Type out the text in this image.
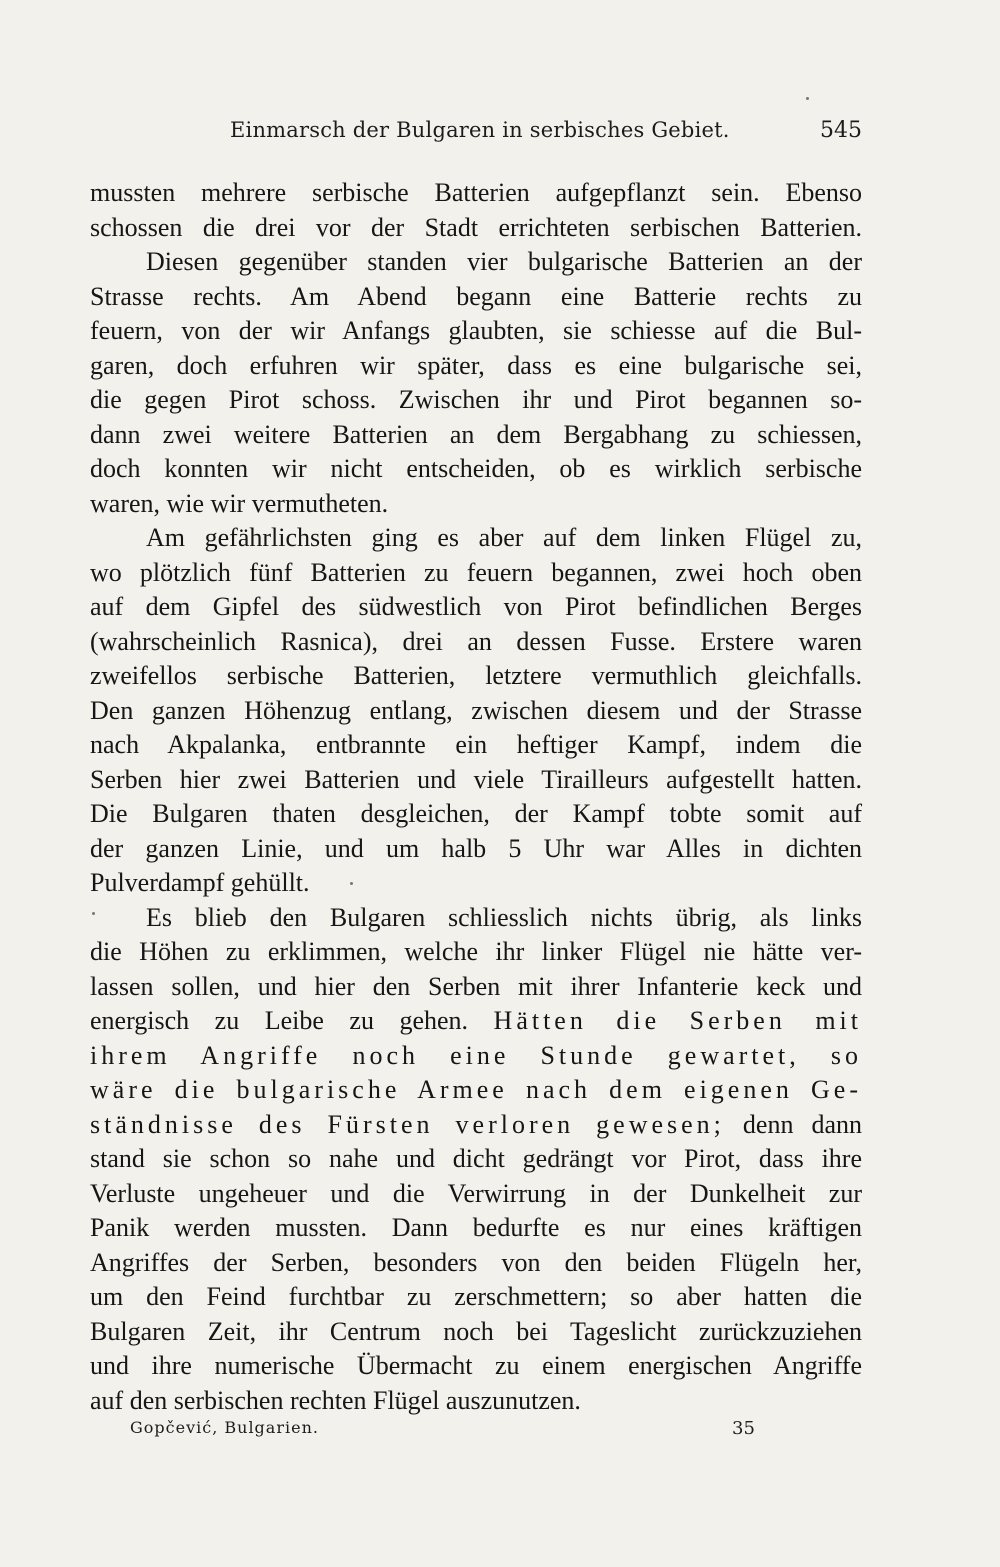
Einmarsch der Bulgaren in serbisches Gebiet.	545
mussten mehrere serbische Batterien aufgepflanzt sein. Ebenso
schossen die drei vor der Stadt errichteten serbischen Batterien.
Diesen gegenüber standen vier bulgarische Batterien an der
Strasse rechts. Am Abend begann eine Batterie rechts zu
feuern, von der wir Anfangs glaubten, sie schiesse auf die Bul-
garen, doch erfuhren wir später, dass es eine bulgarische sei,
die gegen Pirot schoss. Zwischen ihr und Pirot begannen so-
dann zwei weitere Batterien an dem Bergabhang zu schiessen,
doch konnten wir nicht entscheiden, ob es wirklich serbische
waren, wie wir vermutheten.
Am gefährlichsten ging es aber auf dem linken Flügel zu,
wo plötzlich fünf Batterien zu feuern begannen, zwei hoch oben
auf dem Gipfel des südwestlich von Pirot befindlichen Berges
(wahrscheinlich Rasnica), drei an dessen Fusse. Erstere waren
zweifellos serbische Batterien, letztere vermuthlich gleichfalls.
Den ganzen Höhenzug entlang, zwischen diesem und der Strasse
nach Akpalanka, entbrannte ein heftiger Kampf, indem die
Serben hier zwei Batterien und viele Tirailleurs aufgestellt hatten.
Die Bulgaren thaten desgleichen, der Kampf tobte somit auf
der ganzen Linie, und um halb 5 Uhr war Alles in dichten
Pulverdampf gehüllt.
Es blieb den Bulgaren schliesslich nichts übrig, als links
die Höhen zu erklimmen, welche ihr linker Flügel nie hätte ver-
lassen sollen, und hier den Serben mit ihrer Infanterie keck und
energisch zu Leibe zu gehen. Hätten die Serben mit
ihrem Angriffe noch eine Stunde gewartet, so
wäre die bulgarische Armee nach dem eigenen Ge-
ständnisse des Fürsten verloren gewesen; denn dann
stand sie schon so nahe und dicht gedrängt vor Pirot, dass ihre
Verluste ungeheuer und die Verwirrung in der Dunkelheit zur
Panik werden mussten. Dann bedurfte es nur eines kräftigen
Angriffes der Serben, besonders von den beiden Flügeln her,
um den Feind furchtbar zu zerschmettern; so aber hatten die
Bulgaren Zeit, ihr Centrum noch bei Tageslicht zurückzuziehen
und ihre numerische Übermacht zu einem energischen Angriffe
auf den serbischen rechten Flügel auszunutzen.
Gopčević, Bulgarien.	35
